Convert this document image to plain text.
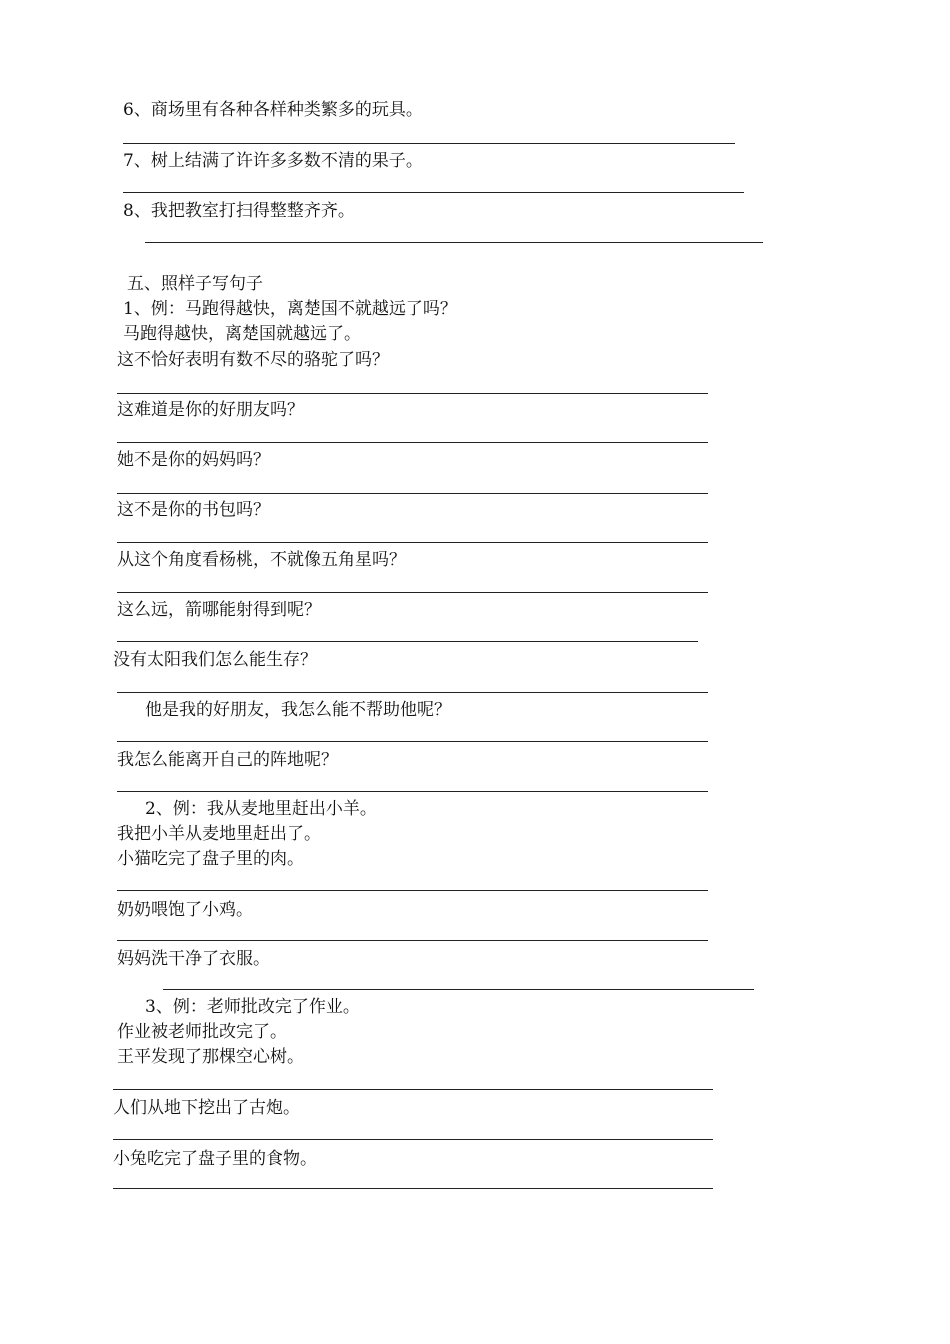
6、商场里有各种各样种类繁多的玩具。
7、树上结满了许许多多数不清的果子。
8、我把教室打扫得整整齐齐。
五、照样子写句子
1、例：马跑得越快，离楚国不就越远了吗？
马跑得越快，离楚国就越远了。
这不恰好表明有数不尽的骆驼了吗？
这难道是你的好朋友吗？
她不是你的妈妈吗？
这不是你的书包吗？
从这个角度看杨桃，不就像五角星吗？
这么远，箭哪能射得到呢？
没有太阳我们怎么能生存？
他是我的好朋友，我怎么能不帮助他呢？
我怎么能离开自己的阵地呢？
2、例：我从麦地里赶出小羊。
我把小羊从麦地里赶出了。
小猫吃完了盘子里的肉。
奶奶喂饱了小鸡。
妈妈洗干净了衣服。
3、例：老师批改完了作业。
作业被老师批改完了。
王平发现了那棵空心树。
人们从地下挖出了古炮。
小兔吃完了盘子里的食物。
